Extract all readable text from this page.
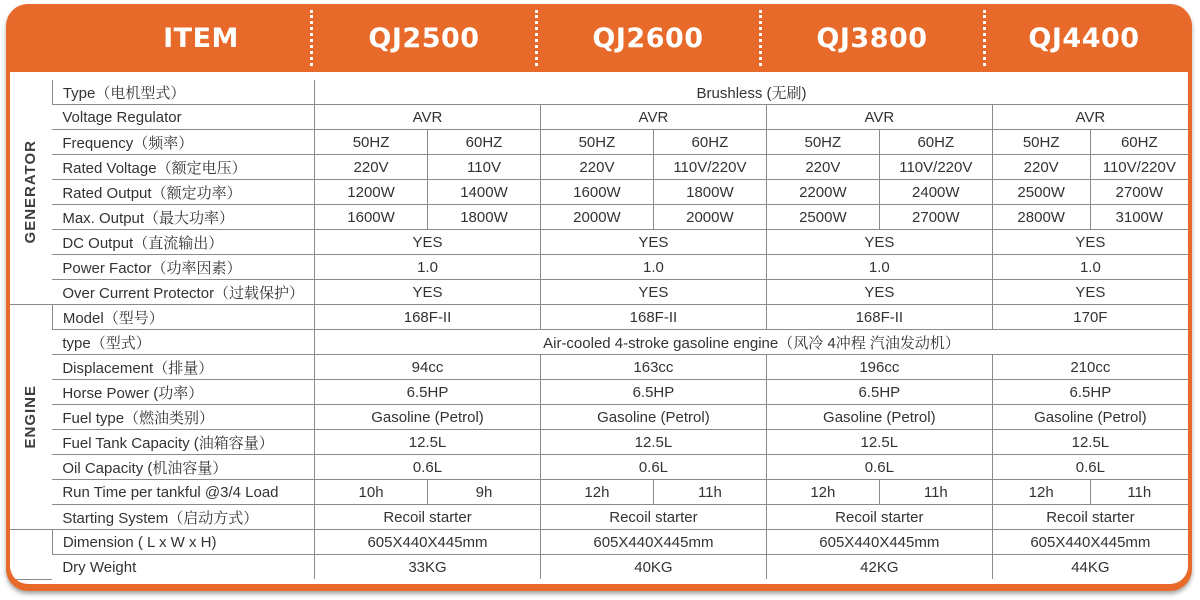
ITEM	QJ2500	QJ2600	QJ3800	QJ4400
GENERATOR	Type（电机型式）	Brushless (无刷)							
	Voltage Regulator	AVR		AVR		AVR		AVR	
	Frequency（频率）	50HZ	60HZ	50HZ	60HZ	50HZ	60HZ	50HZ	60HZ
	Rated Voltage（额定电压）	220V	110V	220V	110V/220V	220V	110V/220V	220V	110V/220V
	Rated Output（额定功率）	1200W	1400W	1600W	1800W	2200W	2400W	2500W	2700W
	Max. Output（最大功率）	1600W	1800W	2000W	2000W	2500W	2700W	2800W	3100W
	DC Output（直流输出）	YES		YES		YES		YES	
	Power Factor（功率因素）	1.0		1.0		1.0		1.0	
	Over Current Protector（过载保护）	YES		YES		YES		YES	

ENGINE	Model（型号）	168F-II		168F-II		168F-II		170F	
	type（型式）	Air-cooled 4-stroke gasoline engine（风冷 4冲程 汽油发动机）							
	Displacement（排量）	94cc		163cc		196cc		210cc	
	Horse Power (功率）	6.5HP		6.5HP		6.5HP		6.5HP	
	Fuel type（燃油类别）	Gasoline (Petrol)		Gasoline (Petrol)		Gasoline (Petrol)		Gasoline (Petrol)	
	Fuel Tank Capacity (油箱容量）	12.5L		12.5L		12.5L		12.5L	
	Oil Capacity (机油容量）	0.6L		0.6L		0.6L		0.6L	
	Run Time per tankful @3/4 Load	10h	9h	12h	11h	12h	11h	12h	11h
	Starting System（启动方式）	Recoil starter		Recoil starter		Recoil starter		Recoil starter	
	Dimension ( L x W x H)	605X440X445mm		605X440X445mm		605X440X445mm		605X440X445mm	
	Dry Weight	33KG		40KG		42KG		44KG	
